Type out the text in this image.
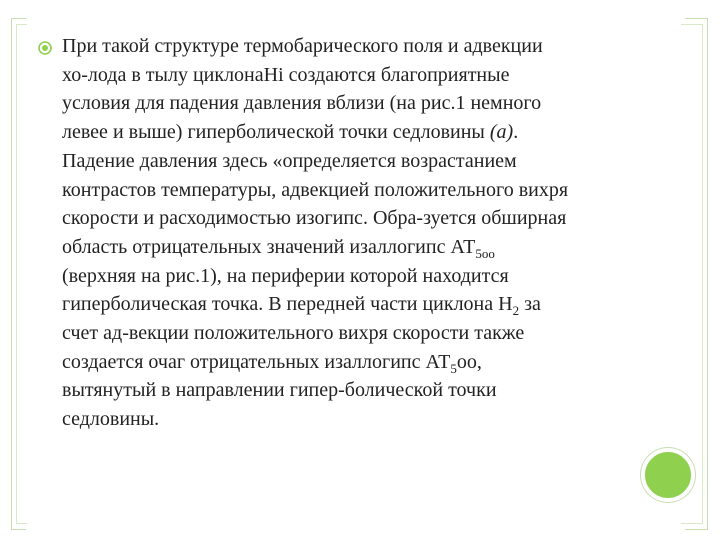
При такой структуре термобарического поля и адвекции
хо-лода в тылу циклонаНi создаются благоприятные
условия для падения давления вблизи (на рис.1 немного
левее и выше) гиперболической точки седловины (а).
Падение давления здесь «определяется возрастанием
контрастов температуры, адвекцией положительного вихря
скорости и расходимостью изогипс. Обра-зуется обширная
область отрицательных значений изаллогипс $АТ_{5оо}$
(верхняя на рис.1), на периферии которой находится
гиперболическая точка. В передней части циклона $Н_2$ за
счет ад-векции положительного вихря скорости также
создается очаг отрицательных изаллогипс $АТ_5оо$,
вытянутый в направлении гипер-болической точки
седловины.
